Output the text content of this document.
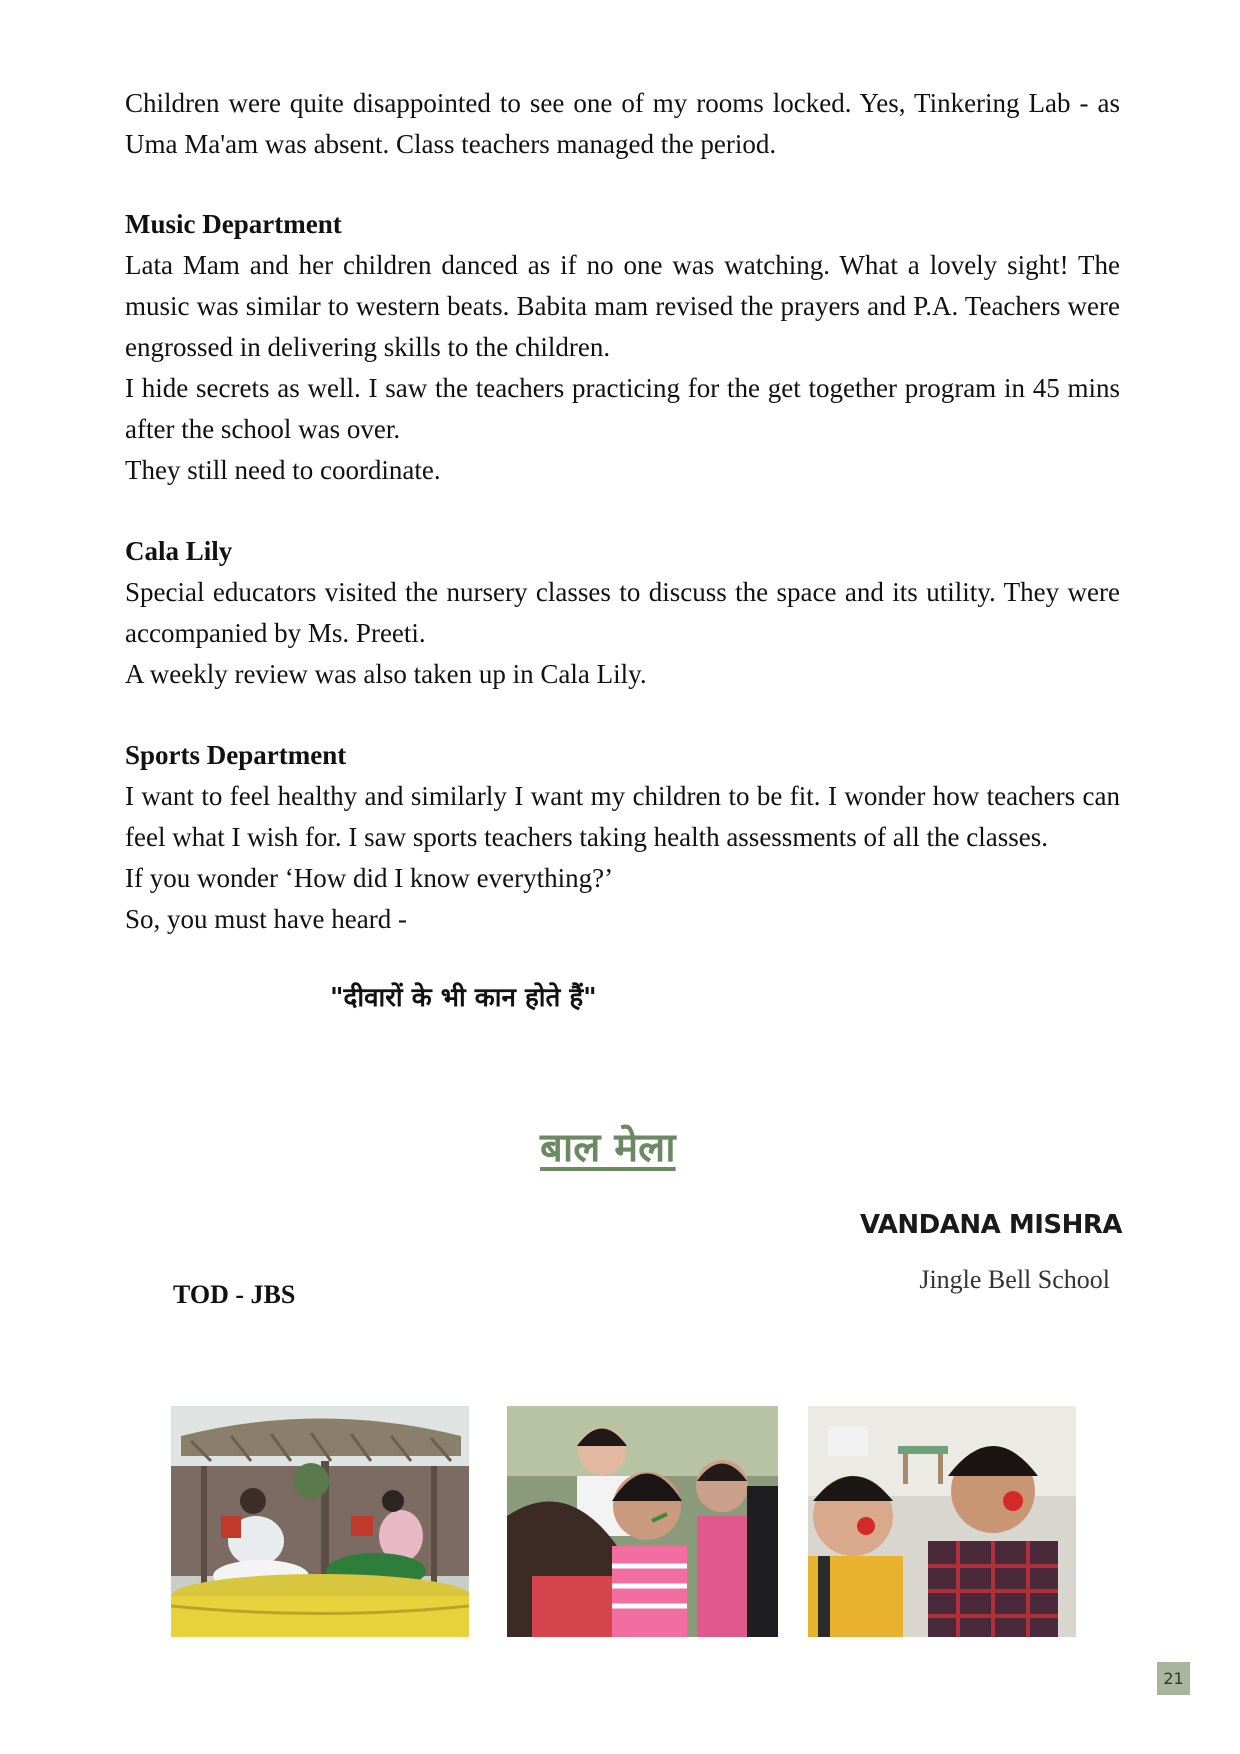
Children were quite disappointed to see one of my rooms locked. Yes, Tinkering Lab - as Uma Ma'am was absent. Class teachers managed the period.

Music Department

Lata Mam and her children danced as if no one was watching. What a lovely sight! The music was similar to western beats. Babita mam revised the prayers and P.A. Teachers were engrossed in delivering skills to the children.

I hide secrets as well. I saw the teachers practicing for the get together program in 45 mins after the school was over.

They still need to coordinate.

Cala Lily

Special educators visited the nursery classes to discuss the space and its utility. They were accompanied by Ms. Preeti.

A weekly review was also taken up in Cala Lily.

Sports Department

I want to feel healthy and similarly I want my children to be fit. I wonder how teachers can feel what I wish for. I saw sports teachers taking health assessments of all the classes.

If you wonder ‘How did I know everything?’

So, you must have heard -

"दीवारों के भी कान होते हैं"
बाल मेला
VANDANA MISHRA
Jingle Bell School
TOD - JBS
21
